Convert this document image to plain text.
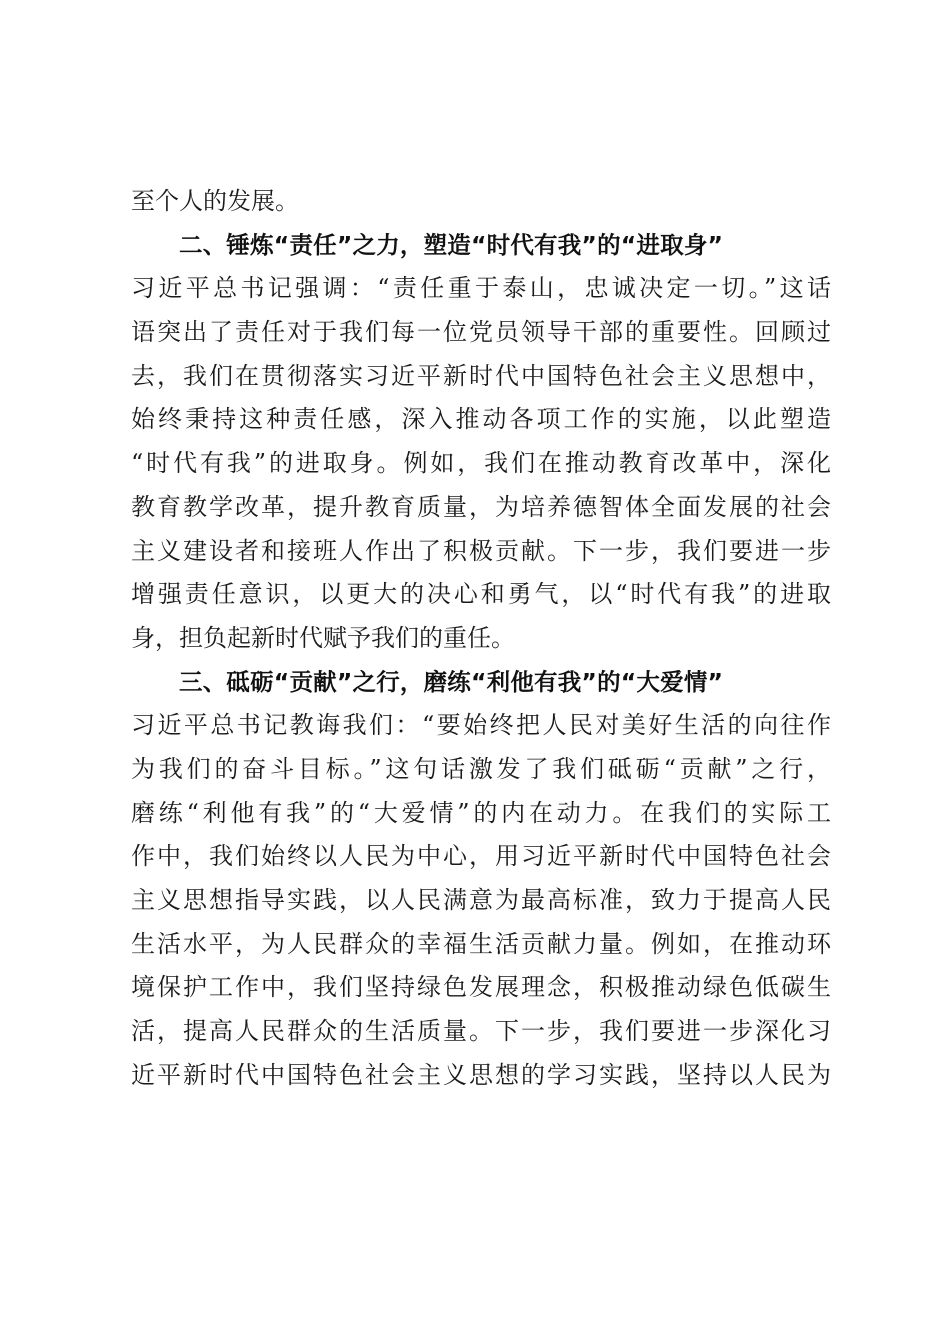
至个人的发展。
二、锤炼“责任”之力，塑造“时代有我”的“进取身”
习近平总书记强调：“责任重于泰山，忠诚决定一切。”这话
语突出了责任对于我们每一位党员领导干部的重要性。回顾过
去，我们在贯彻落实习近平新时代中国特色社会主义思想中，
始终秉持这种责任感，深入推动各项工作的实施，以此塑造
“时代有我”的进取身。例如，我们在推动教育改革中，深化
教育教学改革，提升教育质量，为培养德智体全面发展的社会
主义建设者和接班人作出了积极贡献。下一步，我们要进一步
增强责任意识，以更大的决心和勇气，以“时代有我”的进取
身，担负起新时代赋予我们的重任。
三、砥砺“贡献”之行，磨练“利他有我”的“大爱情”
习近平总书记教诲我们：“要始终把人民对美好生活的向往作
为我们的奋斗目标。”这句话激发了我们砥砺“贡献”之行，
磨练“利他有我”的“大爱情”的内在动力。在我们的实际工
作中，我们始终以人民为中心，用习近平新时代中国特色社会
主义思想指导实践，以人民满意为最高标准，致力于提高人民
生活水平，为人民群众的幸福生活贡献力量。例如，在推动环
境保护工作中，我们坚持绿色发展理念，积极推动绿色低碳生
活，提高人民群众的生活质量。下一步，我们要进一步深化习
近平新时代中国特色社会主义思想的学习实践，坚持以人民为
